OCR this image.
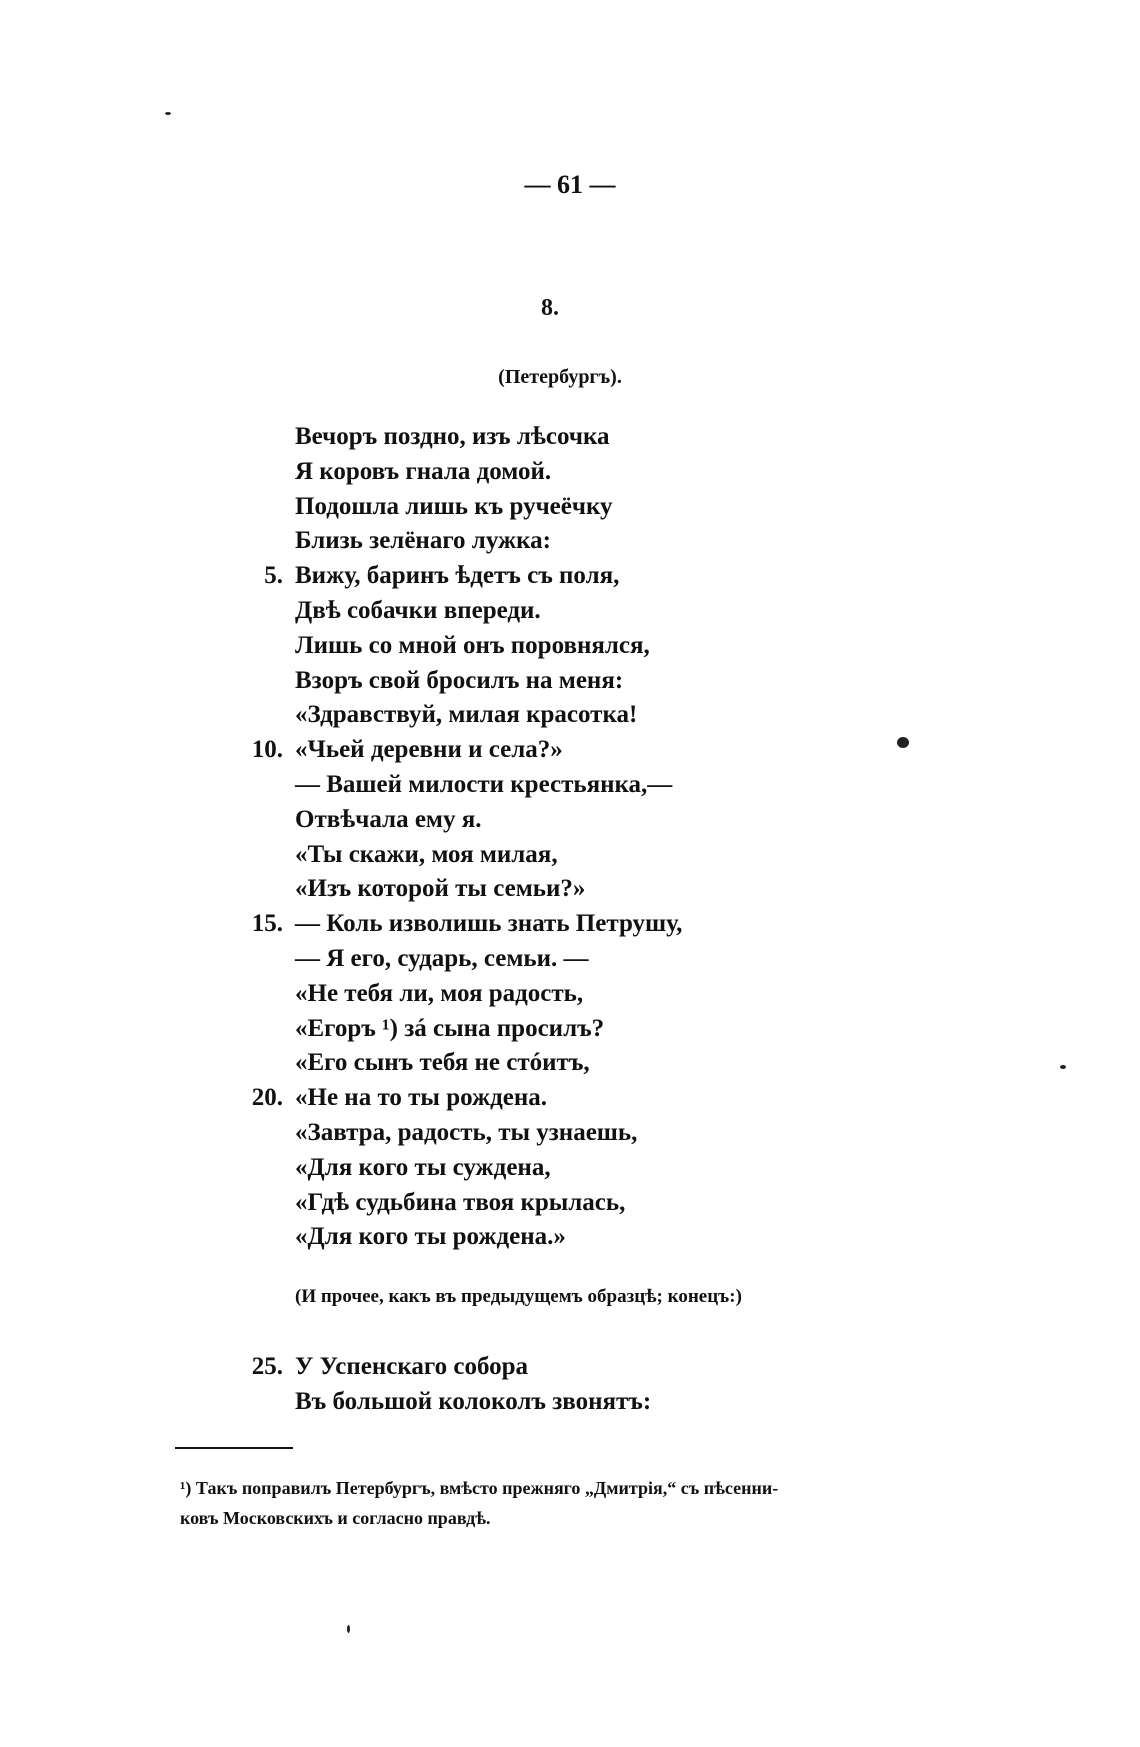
— 61 —
8.
(Петербургъ).
Вечоръ поздно, изъ лѣсочка
Я коровъ гнала домой.
Подошла лишь къ ручеёчку
Близь зелёнаго лужка:
5. Вижу, баринъ ѣдетъ съ поля,
Двѣ собачки впереди.
Лишь со мной онъ поровнялся,
Взоръ свой бросилъ на меня:
«Здравствуй, милая красотка!
10. «Чьей деревни и села?»
— Вашей милости крестьянка,—
Отвѣчала ему я.
«Ты скажи, моя милая,
«Изъ которой ты семьи?»
15. — Коль изволишь знать Петрушу,
— Я его, сударь, семьи. —
«Не тебя ли, моя радость,
«Егоръ ¹) зá сына просилъ?
«Его сынъ тебя не стóитъ,
20. «Не на то ты рождена.
«Завтра, радость, ты узнаешь,
«Для кого ты суждена,
«Гдѣ судьбина твоя крылась,
«Для кого ты рождена.»
(И прочее, какъ въ предыдущемъ образцѣ; конецъ:)
25. У Успенскаго собора
Въ большой колоколъ звонятъ:

¹) Такъ поправилъ Петербургъ, вмѣсто прежняго „Дмитрія,“ съ пѣсенни-

ковъ Московскихъ и согласно правдѣ.
